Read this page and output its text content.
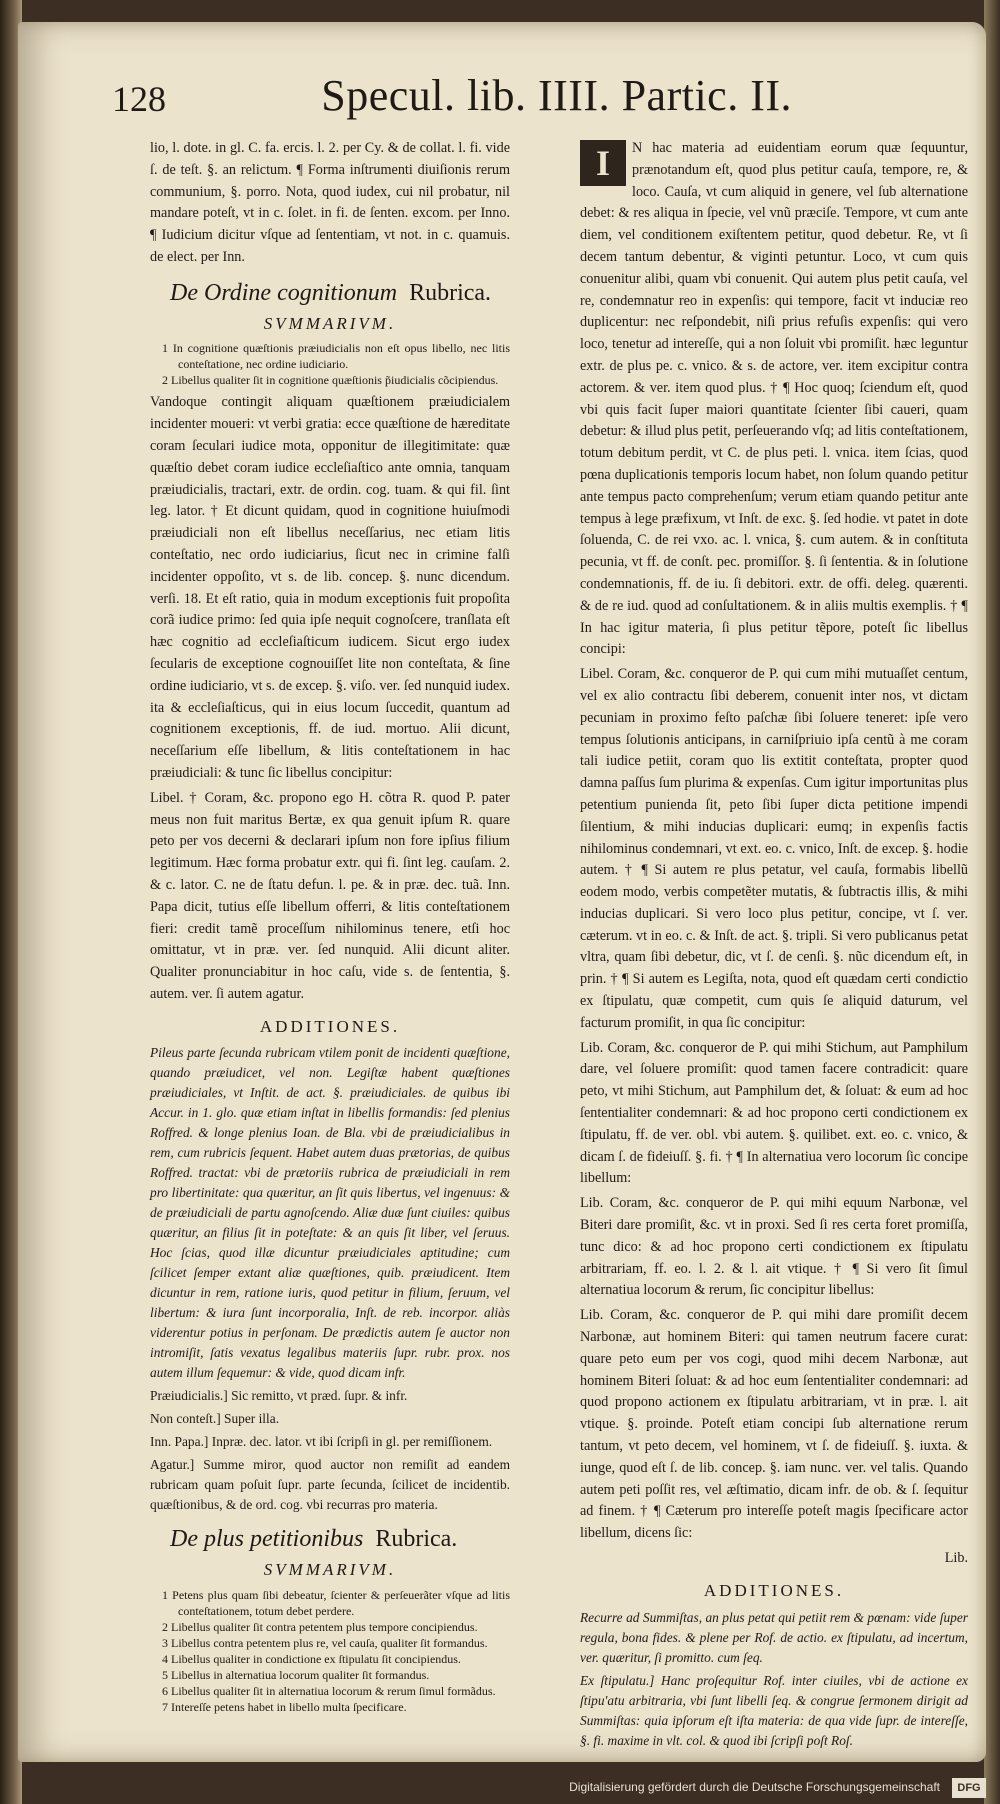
128	Specul. lib. IIII. Partic. II.

lio, l. dote. in gl. C. fa. ercis. l. 2. per Cy. & de collat. l. fi. vide ſ. de teſt. §. an relictum. ¶ Forma inſtrumenti diuiſionis rerum communium, §. porro. Nota, quod iudex, cui nil probatur, nil mandare poteſt, vt in c. ſolet. in fi. de ſenten. excom. per Inno. ¶ Iudicium dicitur vſque ad ſententiam, vt not. in c. quamuis. de elect. per Inn.

De Ordine cognitionum Rubrica.
SVMMARIVM.

1 In cognitione quæſtionis præiudicialis non eſt opus libello, nec litis conteſtatione, nec ordine iudiciario.

2 Libellus qualiter ſit in cognitione quæſtionis p̃iudicialis cõcipiendus.

Vandoque contingit aliquam quæſtionem præiudicialem incidenter moueri: vt verbi gratia: ecce quæſtione de hæreditate coram ſeculari iudice mota, opponitur de illegitimitate: quæ quæſtio debet coram iudice eccleſiaſtico ante omnia, tanquam præiudicialis, tractari, extr. de ordin. cog. tuam. & qui fil. ſint leg. lator. † Et dicunt quidam, quod in cognitione huiuſmodi præiudiciali non eſt libellus neceſſarius, nec etiam litis conteſtatio, nec ordo iudiciarius, ſicut nec in crimine falſi incidenter oppoſito, vt s. de lib. concep. §. nunc dicendum. verſi. 18. Et eſt ratio, quia in modum exceptionis fuit propoſita corã iudice primo: ſed quia ipſe nequit cognoſcere, tranſlata eſt hæc cognitio ad eccleſiaſticum iudicem. Sicut ergo iudex ſecularis de exceptione cognouiſſet lite non conteſtata, & ſine ordine iudiciario, vt s. de excep. §. viſo. ver. ſed nunquid iudex. ita & eccleſiaſticus, qui in eius locum ſuccedit, quantum ad cognitionem exceptionis, ff. de iud. mortuo. Alii dicunt, neceſſarium eſſe libellum, & litis conteſtationem in hac præiudiciali: & tunc ſic libellus concipitur:

Libel. † Coram, &c. propono ego H. cõtra R. quod P. pater meus non fuit maritus Bertæ, ex qua genuit ipſum R. quare peto per vos decerni & declarari ipſum non fore ipſius filium legitimum. Hæc forma probatur extr. qui fi. ſint leg. cauſam. 2. & c. lator. C. ne de ſtatu defun. l. pe. & in præ. dec. tuã. Inn. Papa dicit, tutius eſſe libellum offerri, & litis conteſtationem fieri: credit tamẽ proceſſum nihilominus tenere, etſi hoc omittatur, vt in præ. ver. ſed nunquid. Alii dicunt aliter. Qualiter pronunciabitur in hoc caſu, vide s. de ſententia, §. autem. ver. ſi autem agatur.

ADDITIONES.

Pileus parte ſecunda rubricam vtilem ponit de incidenti quæſtione, quando præiudicet, vel non. Legiſtæ habent quæſtiones præiudiciales, vt Inſtit. de act. §. præiudiciales. de quibus ibi Accur. in 1. glo. quæ etiam inſtat in libellis formandis: ſed plenius Roffred. & longe plenius Ioan. de Bla. vbi de præiudicialibus in rem, cum rubricis ſequent. Habet autem duas prætorias, de quibus Roffred. tractat: vbi de prætoriis rubrica de præiudiciali in rem pro libertinitate: qua quæritur, an ſit quis libertus, vel ingenuus: & de præiudiciali de partu agnoſcendo. Aliæ duæ ſunt ciuiles: quibus quæritur, an filius ſit in poteſtate: & an quis ſit liber, vel ſeruus. Hoc ſcias, quod illæ dicuntur præiudiciales aptitudine; cum ſcilicet ſemper extant aliæ quæſtiones, quib. præiudicent. Item dicuntur in rem, ratione iuris, quod petitur in filium, ſeruum, vel libertum: & iura ſunt incorporalia, Inſt. de reb. incorpor. aliàs viderentur potius in perſonam. De prædictis autem ſe auctor non intromiſit, ſatis vexatus legalibus materiis ſupr. rubr. prox. nos autem illum ſequemur: & vide, quod dicam infr.

Præiudicialis.] Sic remitto, vt præd. ſupr. & infr.

Non conteſt.] Super illa.

Inn. Papa.] Inpræ. dec. lator. vt ibi ſcripſi in gl. per remiſſionem.

Agatur.] Summe miror, quod auctor non remiſit ad eandem rubricam quam poſuit ſupr. parte ſecunda, ſcilicet de incidentib. quæſtionibus, & de ord. cog. vbi recurras pro materia.

De plus petitionibus Rubrica.
SVMMARIVM.

1 Petens plus quam ſibi debeatur, ſcienter & perſeuerãter vſque ad litis conteſtationem, totum debet perdere.

2 Libellus qualiter ſit contra petentem plus tempore concipiendus.

3 Libellus contra petentem plus re, vel cauſa, qualiter ſit formandus.

4 Libellus qualiter in condictione ex ſtipulatu ſit concipiendus.

5 Libellus in alternatiua locorum qualiter ſit formandus.

6 Libellus qualiter ſit in alternatiua locorum & rerum ſimul formãdus.

7 Intereſſe petens habet in libello multa ſpecificare.

I	N hac materia ad euidentiam eorum quæ ſequuntur, prænotandum eſt, quod plus petitur cauſa, tempore, re, & loco. Cauſa, vt cum aliquid in genere, vel ſub alternatione debet: & res aliqua in ſpecie, vel vnũ præciſe. Tempore, vt cum ante diem, vel conditionem exiſtentem petitur, quod debetur. Re, vt ſi decem tantum debentur, & viginti petuntur. Loco, vt cum quis conuenitur alibi, quam vbi conuenit. Qui autem plus petit cauſa, vel re, condemnatur reo in expenſis: qui tempore, facit vt induciæ reo duplicentur: nec reſpondebit, niſi prius refuſis expenſis: qui vero loco, tenetur ad intereſſe, qui a non ſoluit vbi promiſit. hæc leguntur extr. de plus pe. c. vnico. & s. de actore, ver. item excipitur contra actorem. & ver. item quod plus. † ¶ Hoc quoq; ſciendum eſt, quod vbi quis facit ſuper maiori quantitate ſcienter ſibi caueri, quam debetur: & illud plus petit, perſeuerando vſq; ad litis conteſtationem, totum debitum perdit, vt C. de plus peti. l. vnica. item ſcias, quod pœna duplicationis temporis locum habet, non ſolum quando petitur ante tempus pacto comprehenſum; verum etiam quando petitur ante tempus à lege præfixum, vt Inſt. de exc. §. ſed hodie. vt patet in dote ſoluenda, C. de rei vxo. ac. l. vnica, §. cum autem. & in conſtituta pecunia, vt ff. de conſt. pec. promiſſor. §. ſi ſententia. & in ſolutione condemnationis, ff. de iu. ſi debitori. extr. de offi. deleg. quærenti. & de re iud. quod ad conſultationem. & in aliis multis exemplis. † ¶ In hac igitur materia, ſi plus petitur tẽpore, poteſt ſic libellus concipi:

Libel. Coram, &c. conqueror de P. qui cum mihi mutuaſſet centum, vel ex alio contractu ſibi deberem, conuenit inter nos, vt dictam pecuniam in proximo feſto paſchæ ſibi ſoluere teneret: ipſe vero tempus ſolutionis anticipans, in carniſpriuio ipſa centũ à me coram tali iudice petiit, coram quo lis extitit conteſtata, propter quod damna paſſus ſum plurima & expenſas. Cum igitur importunitas plus petentium punienda ſit, peto ſibi ſuper dicta petitione impendi ſilentium, & mihi inducias duplicari: eumq; in expenſis factis nihilominus condemnari, vt ext. eo. c. vnico, Inſt. de excep. §. hodie autem. † ¶ Si autem re plus petatur, vel cauſa, formabis libellũ eodem modo, verbis competẽter mutatis, & ſubtractis illis, & mihi inducias duplicari. Si vero loco plus petitur, concipe, vt ſ. ver. cæterum. vt in eo. c. & Inſt. de act. §. tripli. Si vero publicanus petat vltra, quam ſibi debetur, dic, vt ſ. de cenſi. §. nũc dicendum eſt, in prin. † ¶ Si autem es Legiſta, nota, quod eſt quædam certi condictio ex ſtipulatu, quæ competit, cum quis ſe aliquid daturum, vel facturum promiſit, in qua ſic concipitur:

Lib. Coram, &c. conqueror de P. qui mihi Stichum, aut Pamphilum dare, vel ſoluere promiſit: quod tamen facere contradicit: quare peto, vt mihi Stichum, aut Pamphilum det, & ſoluat: & eum ad hoc ſententialiter condemnari: & ad hoc propono certi condictionem ex ſtipulatu, ff. de ver. obl. vbi autem. §. quilibet. ext. eo. c. vnico, & dicam ſ. de fideiuſſ. §. fi. † ¶ In alternatiua vero locorum ſic concipe libellum:

Lib. Coram, &c. conqueror de P. qui mihi equum Narbonæ, vel Biteri dare promiſit, &c. vt in proxi. Sed ſi res certa foret promiſſa, tunc dico: & ad hoc propono certi condictionem ex ſtipulatu arbitrariam, ff. eo. l. 2. & l. ait vtique. † ¶ Si vero ſit ſimul alternatiua locorum & rerum, ſic concipitur libellus:

Lib. Coram, &c. conqueror de P. qui mihi dare promiſit decem Narbonæ, aut hominem Biteri: qui tamen neutrum facere curat: quare peto eum per vos cogi, quod mihi decem Narbonæ, aut hominem Biteri ſoluat: & ad hoc eum ſententialiter condemnari: ad quod propono actionem ex ſtipulatu arbitrariam, vt in præ. l. ait vtique. §. proinde. Poteſt etiam concipi ſub alternatione rerum tantum, vt peto decem, vel hominem, vt ſ. de fideiuſſ. §. iuxta. & iunge, quod eſt ſ. de lib. concep. §. iam nunc. ver. vel talis. Quando autem peti poſſit res, vel æſtimatio, dicam infr. de ob. & ſ. ſequitur ad finem. † ¶ Cæterum pro intereſſe poteſt magis ſpecificare actor libellum, dicens ſic:

Lib.

ADDITIONES.

Recurre ad Summiſtas, an plus petat qui petiit rem & pœnam: vide ſuper regula, bona fides. & plene per Rof. de actio. ex ſtipulatu, ad incertum, ver. quæritur, ſi promitto. cum ſeq.

Ex ſtipulatu.] Hanc proſequitur Rof. inter ciuiles, vbi de actione ex ſtipu'atu arbitraria, vbi ſunt libelli ſeq. & congrue ſermonem dirigit ad Summiſtas: quia ipſorum eſt iſta materia: de qua vide ſupr. de intereſſe, §. fi. maxime in vlt. col. & quod ibi ſcripſi poſt Roſ.

Digitalisierung gefördert durch die Deutsche Forschungsgemeinschaft	DFG
